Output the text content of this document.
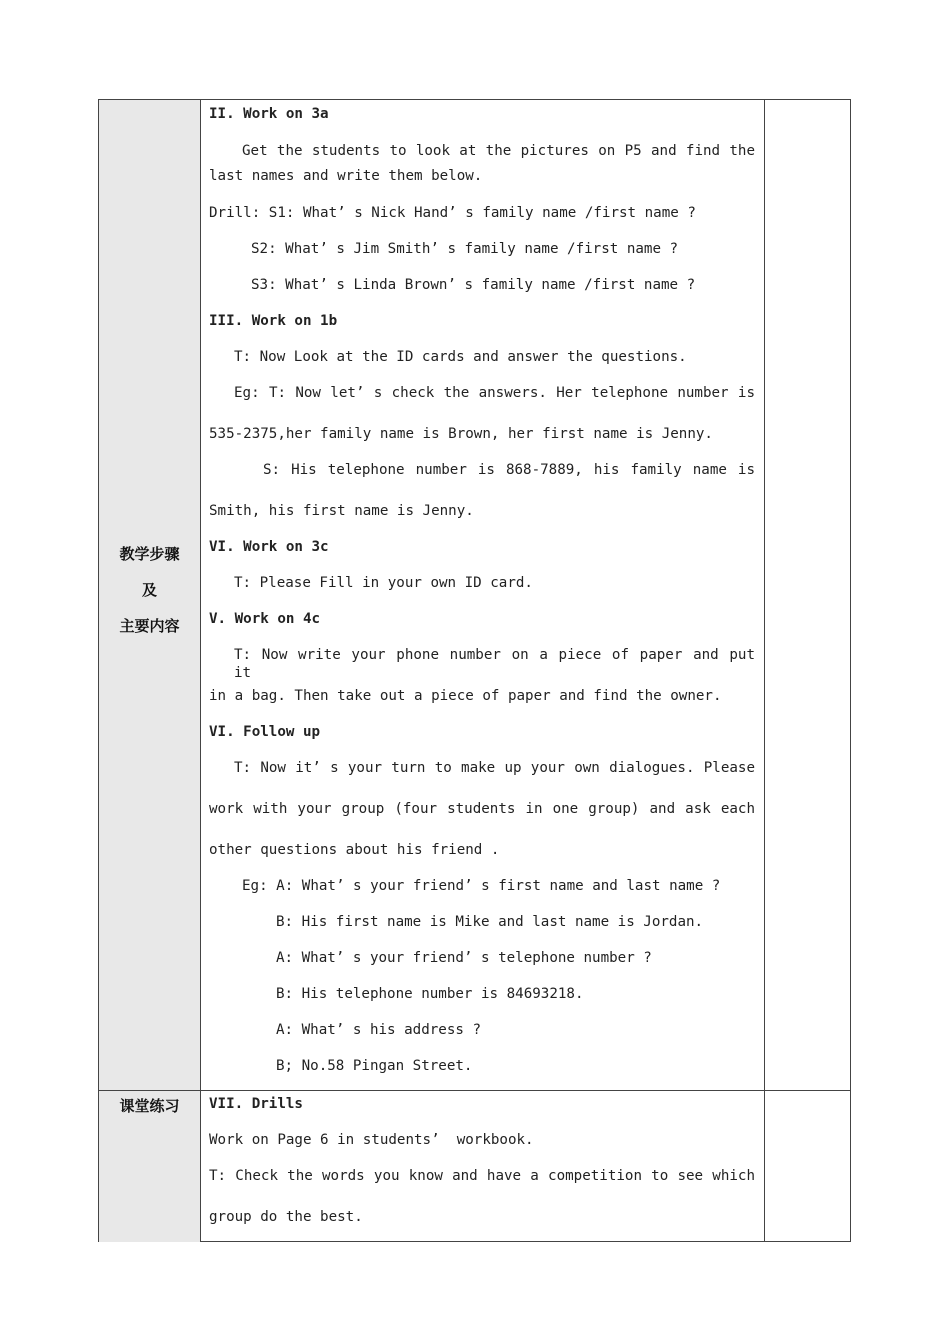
教学步骤
及
主要内容
课堂练习
II. Work on 3a
Get the students to look at the pictures on P5 and find the
last names and write them below.
Drill: S1: What’ s Nick Hand’ s family name /first name ?
S2: What’ s Jim Smith’ s family name /first name ?
S3: What’ s Linda Brown’ s family name /first name ?
III. Work on 1b
T: Now Look at the ID cards and answer the questions.
Eg: T: Now let’ s check the answers. Her telephone number is
535-2375,her family name is Brown, her first name is Jenny.
S: His telephone number is 868-7889, his family name is
Smith, his first name is Jenny.
VI. Work on 3c
T: Please Fill in your own ID card.
V. Work on 4c
T: Now write your phone number on a piece of paper and put it
in a bag. Then take out a piece of paper and find the owner.
VI. Follow up
T: Now it’ s your turn to make up your own dialogues. Please
work with your group (four students in one group) and ask each
other questions about his friend .
Eg: A: What’ s your friend’ s first name and last name ?
B: His first name is Mike and last name is Jordan.
A: What’ s your friend’ s telephone number ?
B: His telephone number is 84693218.
A: What’ s his address ?
B; No.58 Pingan Street.
VII. Drills
Work on Page 6 in students’  workbook.
T: Check the words you know and have a competition to see which
group do the best.
